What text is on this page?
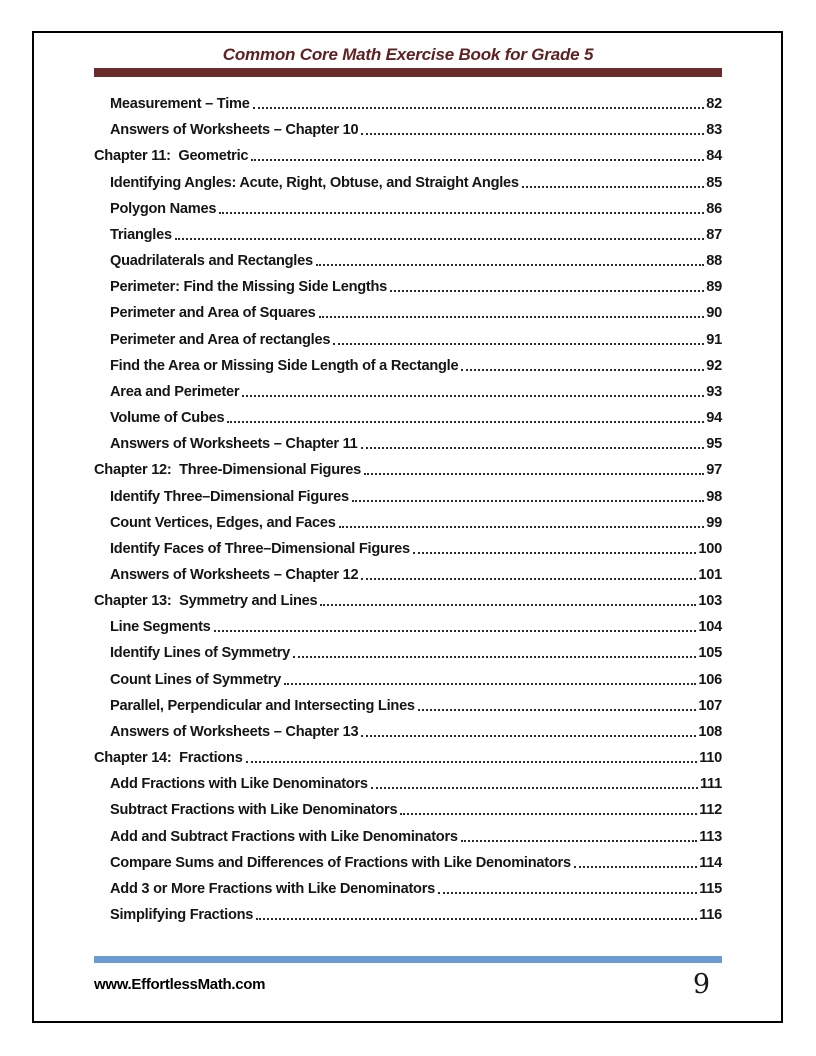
Common Core Math Exercise Book for Grade 5
Measurement – Time	82
Answers of Worksheets – Chapter 10	83
Chapter 11:  Geometric	84
Identifying Angles: Acute, Right, Obtuse, and Straight Angles	85
Polygon Names	86
Triangles	87
Quadrilaterals and Rectangles	88
Perimeter: Find the Missing Side Lengths	89
Perimeter and Area of Squares	90
Perimeter and Area of rectangles	91
Find the Area or Missing Side Length of a Rectangle	92
Area and Perimeter	93
Volume of Cubes	94
Answers of Worksheets – Chapter 11	95
Chapter 12:  Three-Dimensional Figures	97
Identify Three–Dimensional Figures	98
Count Vertices, Edges, and Faces	99
Identify Faces of Three–Dimensional Figures	100
Answers of Worksheets – Chapter 12	101
Chapter 13:  Symmetry and Lines	103
Line Segments	104
Identify Lines of Symmetry	105
Count Lines of Symmetry	106
Parallel, Perpendicular and Intersecting Lines	107
Answers of Worksheets – Chapter 13	108
Chapter 14:  Fractions	110
Add Fractions with Like Denominators	111
Subtract Fractions with Like Denominators	112
Add and Subtract Fractions with Like Denominators	113
Compare Sums and Differences of Fractions with Like Denominators	114
Add 3 or More Fractions with Like Denominators	115
Simplifying Fractions	116
www.EffortlessMath.com	9
